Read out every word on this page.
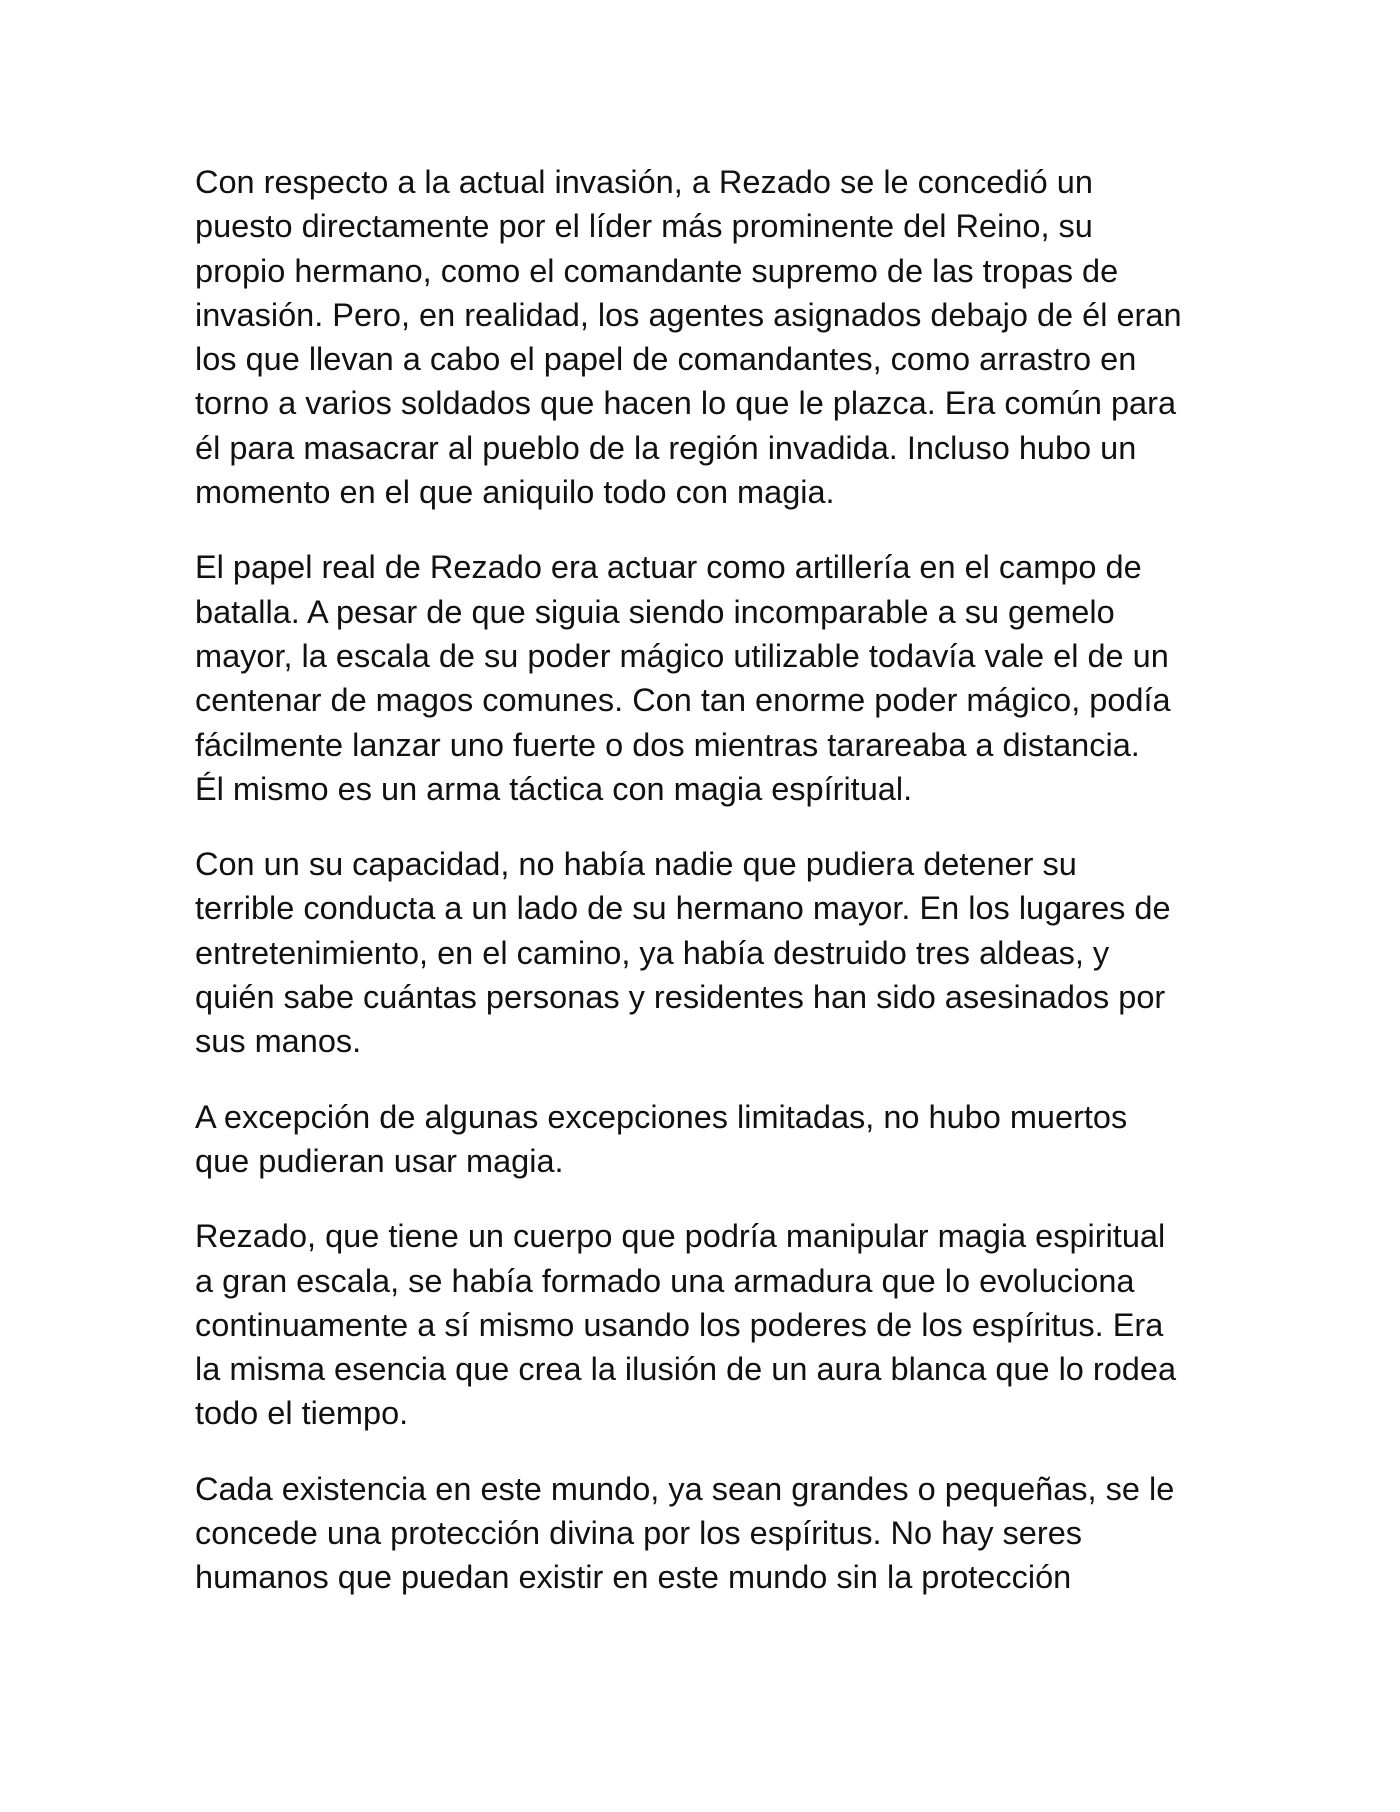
Con respecto a la actual invasión, a Rezado se le concedió un
puesto directamente por el líder más prominente del Reino, su
propio hermano, como el comandante supremo de las tropas de
invasión. Pero, en realidad, los agentes asignados debajo de él eran
los que llevan a cabo el papel de comandantes, como arrastro en
torno a varios soldados que hacen lo que le plazca. Era común para
él para masacrar al pueblo de la región invadida. Incluso hubo un
momento en el que aniquilo todo con magia.

El papel real de Rezado era actuar como artillería en el campo de
batalla. A pesar de que siguia siendo incomparable a su gemelo
mayor, la escala de su poder mágico utilizable todavía vale el de un
centenar de magos comunes. Con tan enorme poder mágico, podía
fácilmente lanzar uno fuerte o dos mientras tarareaba a distancia.
Él mismo es un arma táctica con magia espíritual.

Con un su capacidad, no había nadie que pudiera detener su
terrible conducta a un lado de su hermano mayor. En los lugares de
entretenimiento, en el camino, ya había destruido tres aldeas, y
quién sabe cuántas personas y residentes han sido asesinados por
sus manos.

A excepción de algunas excepciones limitadas, no hubo muertos
que pudieran usar magia.

Rezado, que tiene un cuerpo que podría manipular magia espiritual
a gran escala, se había formado una armadura que lo evoluciona
continuamente a sí mismo usando los poderes de los espíritus. Era
la misma esencia que crea la ilusión de un aura blanca que lo rodea
todo el tiempo.

Cada existencia en este mundo, ya sean grandes o pequeñas, se le
concede una protección divina por los espíritus. No hay seres
humanos que puedan existir en este mundo sin la protección
